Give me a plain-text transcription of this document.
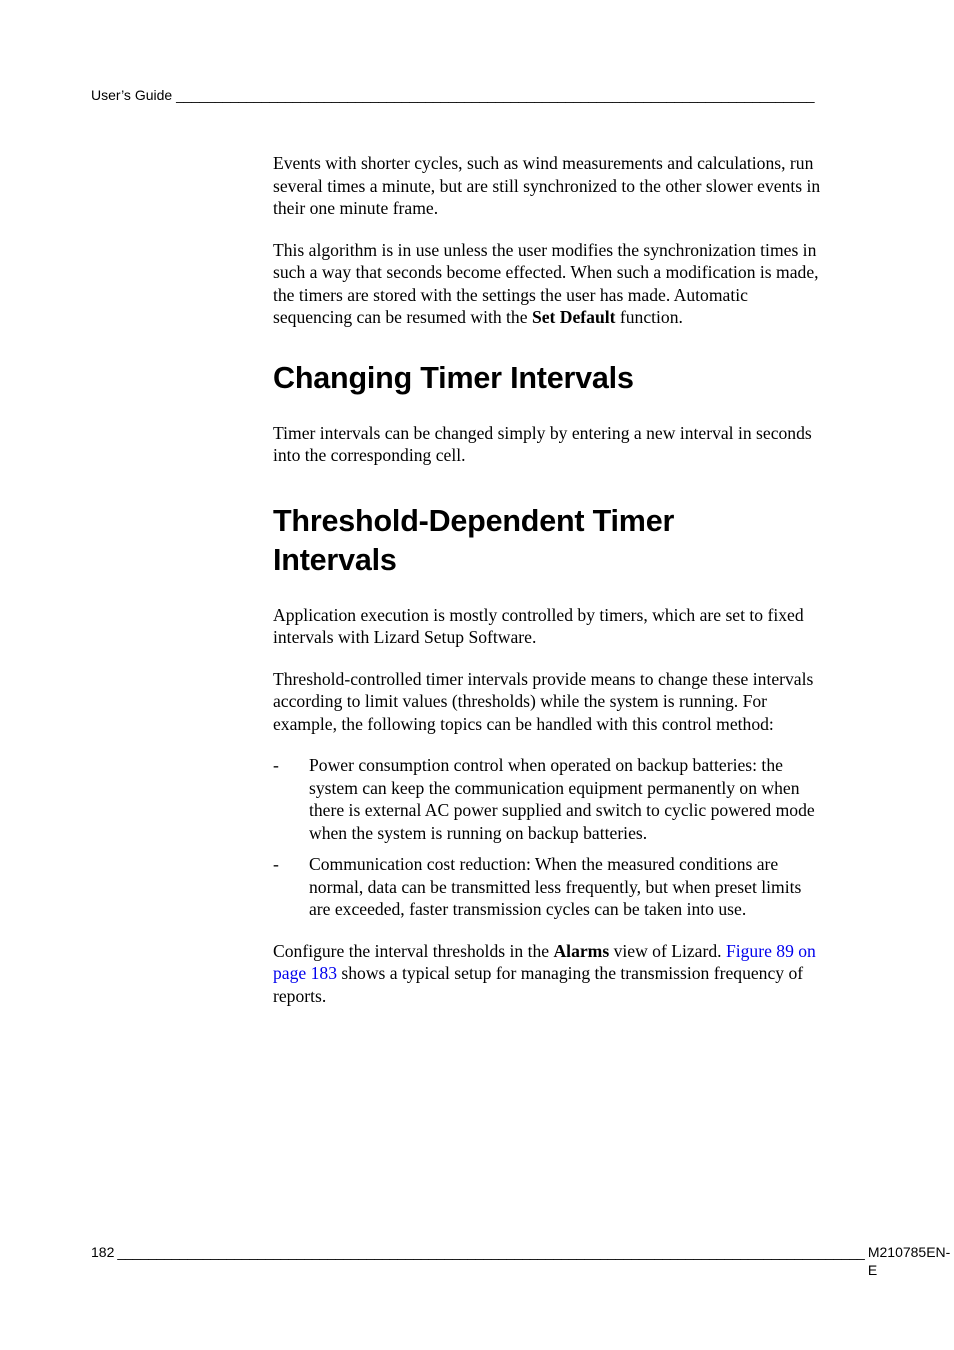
User’s Guide __________________________________________________________________________________

Events with shorter cycles, such as wind measurements and calculations, run several times a minute, but are still synchronized to the other slower events in their one minute frame.

This algorithm is in use unless the user modifies the synchronization times in such a way that seconds become effected. When such a modification is made, the timers are stored with the settings the user has made. Automatic sequencing can be resumed with the Set Default function.

Changing Timer Intervals

Timer intervals can be changed simply by entering a new interval in seconds into the corresponding cell.

Threshold-Dependent Timer
Intervals

Application execution is mostly controlled by timers, which are set to fixed intervals with Lizard Setup Software.

Threshold-controlled timer intervals provide means to change these intervals according to limit values (thresholds) while the system is running. For example, the following topics can be handled with this control method:

- Power consumption control when operated on backup batteries: the system can keep the communication equipment permanently on when there is external AC power supplied and switch to cyclic powered mode when the system is running on backup batteries.
- Communication cost reduction: When the measured conditions are normal, data can be transmitted less frequently, but when preset limits are exceeded, faster transmission cycles can be taken into use.

Configure the interval thresholds in the Alarms view of Lizard. Figure 89 on page 183 shows a typical setup for managing the transmission frequency of reports.

182 ________________________________________________________________________________________________ M210785EN-E
